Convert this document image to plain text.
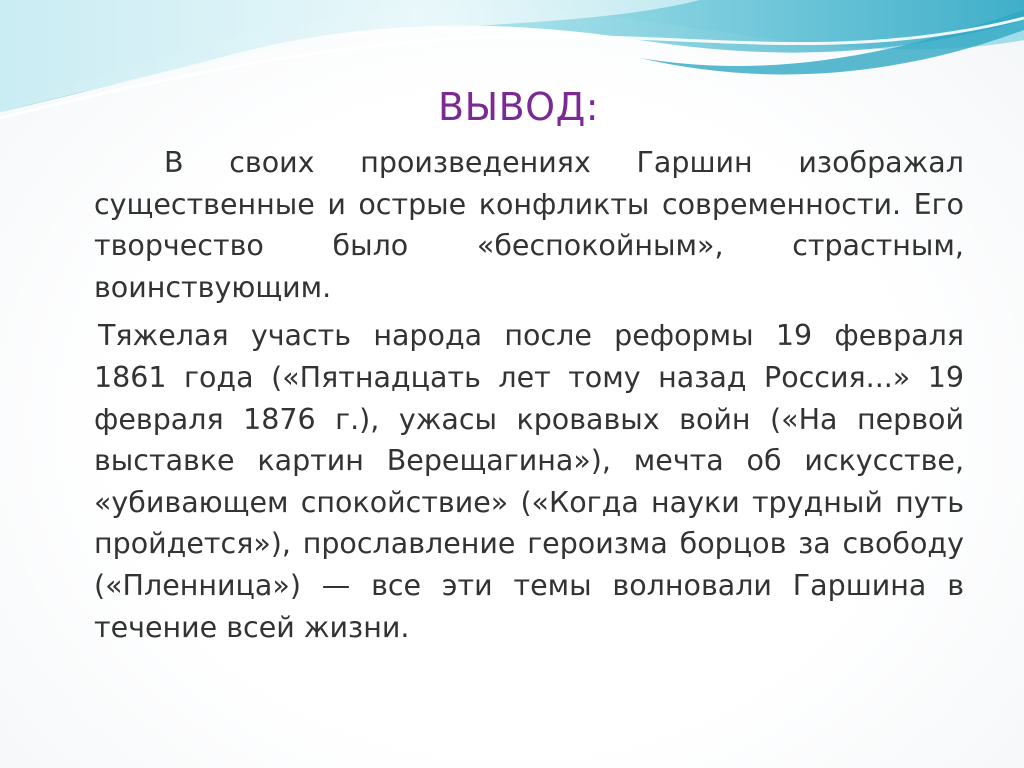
ВЫВОД:

В своих произведениях Гаршин изображал существенные и острые конфликты современности. Его творчество было «беспокойным», страстным, воинствующим.

Тяжелая участь народа после реформы 19 февраля 1861 года («Пятнадцать лет тому назад Россия...» 19 февраля 1876 г.), ужасы кровавых войн («На первой выставке картин Верещагина»), мечта об искусстве, «убивающем спокойствие» («Когда науки трудный путь пройдется»), прославление героизма борцов за свободу («Пленница») — все эти темы волновали Гаршина в течение всей жизни.
